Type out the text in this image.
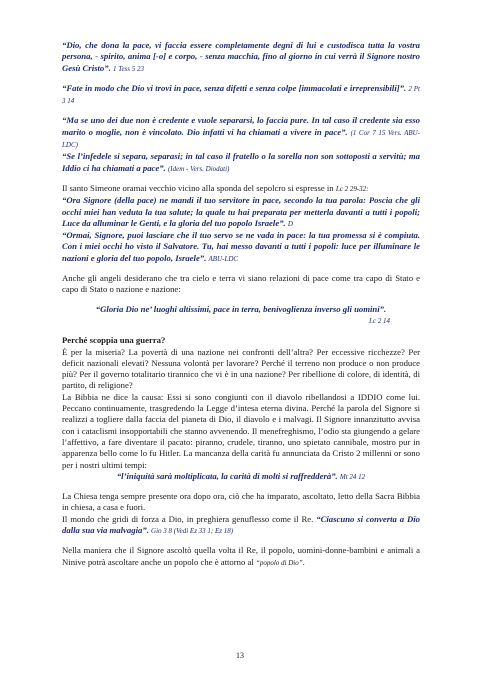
“Dio, che dona la pace, vi faccia essere completamente degni di lui e custodisca tutta la vostra persona, - spirito, anima [-o] e corpo, - senza macchia, fino al giorno in cui verrà il Signore nostro Gesù Cristo”. 1 Tess 5 23

“Fate in modo che Dio vi trovi in pace, senza difetti e senza colpe [immacolati e irreprensibili]”. 2 Pt 3 14

“Ma se uno dei due non è credente e vuole separarsi, lo faccia pure. In tal caso il credente sia esso marito o moglie, non è vincolato. Dio infatti vi ha chiamati a vivere in pace”. (1 Cor 7 15 Vers. ABU-LDC)
“Se l’infedele si separa, separasi; in tal caso il fratello o la sorella non son sottoposti a servitù; ma Iddio ci ha chiamati a pace”. (Idem - Vers. Diodati)

Il santo Simeone oramai vecchio vicino alla sponda del sepolcro si espresse in Lc 2 29-32:
“Ora Signore (della pace) ne mandi il tuo servitore in pace, secondo la tua parola: Poscia che gli occhi miei han veduta la tua salute; la quale tu hai preparata per metterla davanti a tutti i popoli; Luce da alluminar le Genti, e la gloria del tuo popolo Israele”. D
“Ormai, Signore, puoi lasciare che il tuo servo se ne vada in pace: la tua promessa si è compiuta. Con i miei occhi ho visto il Salvatore. Tu, hai messo davanti a tutti i popoli: luce per illuminare le nazioni e gloria del tuo popolo, Israele”. ABU-LDC

Anche gli angeli desiderano che tra cielo e terra vi siano relazioni di pace come tra capo di Stato e capo di Stato o nazione e nazione:

“Gloria Dio ne’ luoghi altissimi, pace in terra, benivoglienza inverso gli uomini”.

Lc 2 14

Perché scoppia una guerra?

È per la miseria? La povertà di una nazione nei confronti dell’altra? Per eccessive ricchezze? Per deficit nazionali elevati? Nessuna volontà per lavorare? Perché il terreno non produce o non produce più? Per il governo totalitario tirannico che vi è in una nazione? Per ribellione di colore, di identità, di partito, di religione?

La Bibbia ne dice la causa: Essi si sono congiunti con il diavolo ribellandosi a IDDIO come lui. Peccano continuamente, trasgredendo la Legge d’intesa eterna divina. Perché la parola del Signore si realizzi a togliere dalla faccia del pianeta di Dio, il diavolo e i malvagi. Il Signore innanzitutto avvisa con i cataclismi insopportabili che stanno avvenendo. Il menefreghismo, l’odio sta giungendo a gelare l’affettivo, a fare diventare il pacato: piranno, crudele, tiranno, uno spietato cannibale, mostro pur in apparenza bello come lo fu Hitler. La mancanza della carità fu annunciata da Cristo 2 millenni or sono per i nostri ultimi tempi:

“l’iniquità sarà moltiplicata, la carità di molti si raffredderà”. Mt 24 12

La Chiesa tenga sempre presente ora dopo ora, ciò che ha imparato, ascoltato, letto della Sacra Bibbia in chiesa, a casa e fuori.
Il mondo che gridi di forza a Dio, in preghiera genuflesso come il Re. “Ciascuno si converta a Dio dalla sua via malvagia”. Gio 3 8 (Vedi Ez 33 1; Ez 18)

Nella maniera che il Signore ascoltò quella volta il Re, il popolo, uomini-donne-bambini e animali a Ninive potrà ascoltare anche un popolo che è attorno al “popolo di Dio”.

13
